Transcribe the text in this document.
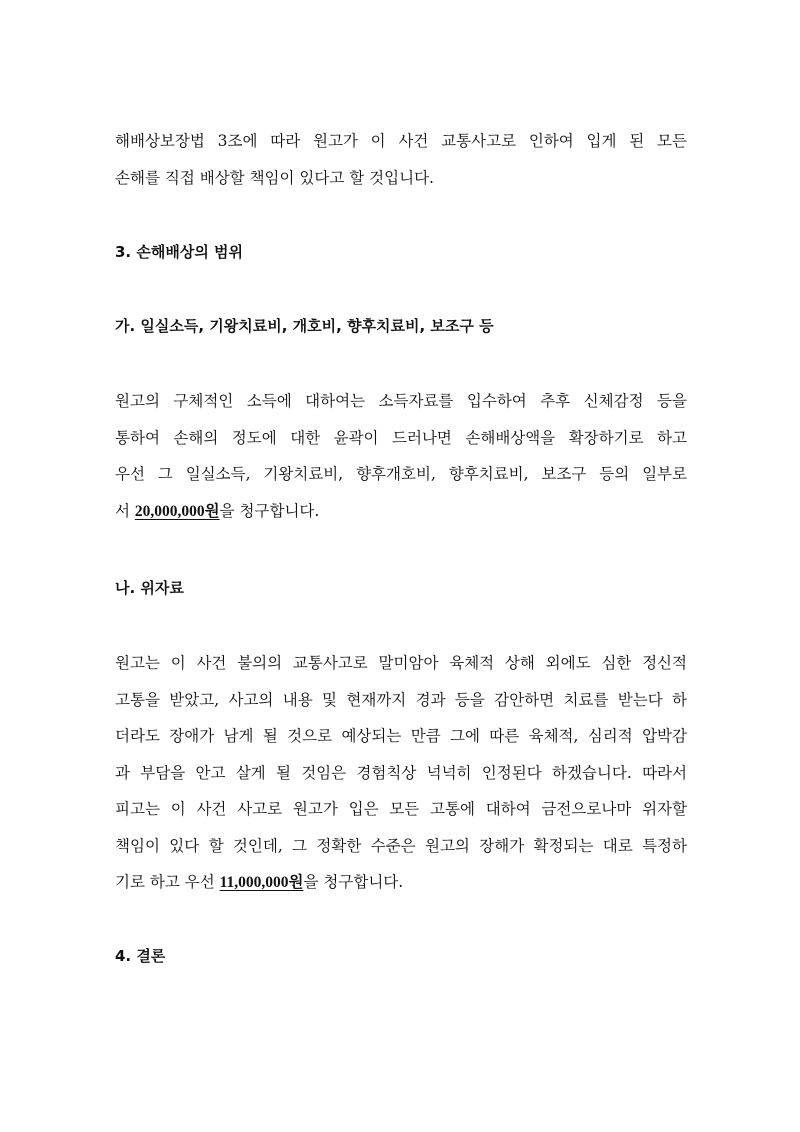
해배상보장법 3조에 따라 원고가 이 사건 교통사고로 인하여 입게 된 모든
손해를 직접 배상할 책임이 있다고 할 것입니다.
3. 손해배상의 범위
가. 일실소득, 기왕치료비, 개호비, 향후치료비, 보조구 등
원고의 구체적인 소득에 대하여는 소득자료를 입수하여 추후 신체감정 등을
통하여 손해의 정도에 대한 윤곽이 드러나면 손해배상액을 확장하기로 하고
우선 그 일실소득, 기왕치료비, 향후개호비, 향후치료비, 보조구 등의 일부로
서 20,000,000원을 청구합니다.
나. 위자료
원고는 이 사건 불의의 교통사고로 말미암아 육체적 상해 외에도 심한 정신적
고통을 받았고, 사고의 내용 및 현재까지 경과 등을 감안하면 치료를 받는다 하
더라도 장애가 남게 될 것으로 예상되는 만큼 그에 따른 육체적, 심리적 압박감
과 부담을 안고 살게 될 것임은 경험칙상 넉넉히 인정된다 하겠습니다. 따라서
피고는 이 사건 사고로 원고가 입은 모든 고통에 대하여 금전으로나마 위자할
책임이 있다 할 것인데, 그 정확한 수준은 원고의 장해가 확정되는 대로 특정하
기로 하고 우선 11,000,000원을 청구합니다.
4. 결론
